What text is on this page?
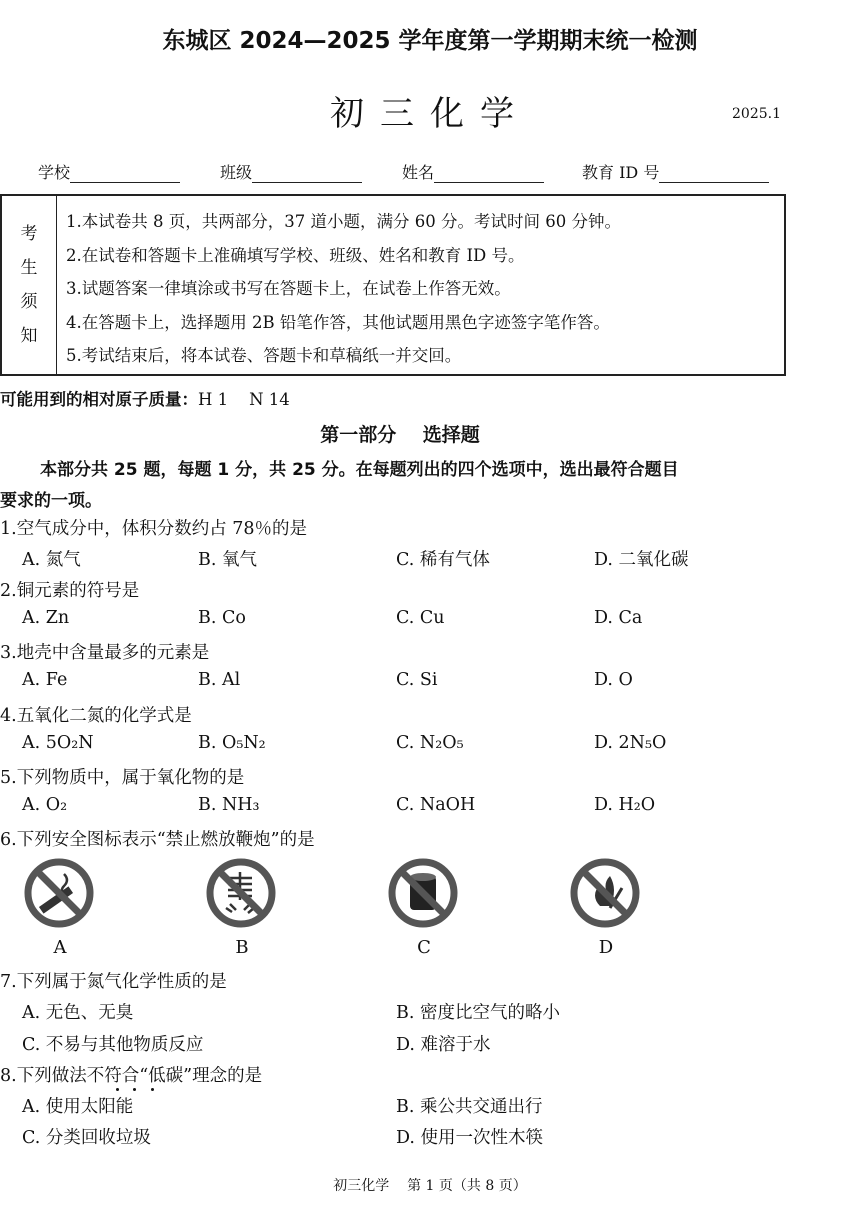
东城区 2024—2025 学年度第一学期期末统一检测
初三化学	2025.1
学校	班级	姓名	教育 ID 号
考
生
须
知
1.本试卷共 8 页，共两部分，37 道小题，满分 60 分。考试时间 60 分钟。
2.在试卷和答题卡上准确填写学校、班级、姓名和教育 ID 号。
3.试题答案一律填涂或书写在答题卡上，在试卷上作答无效。
4.在答题卡上，选择题用 2B 铅笔作答，其他试题用黑色字迹签字笔作答。
5.考试结束后，将本试卷、答题卡和草稿纸一并交回。
可能用到的相对原子质量：H 1    N 14
第一部分    选择题
本部分共 25 题，每题 1 分，共 25 分。在每题列出的四个选项中，选出最符合题目
要求的一项。
1.空气成分中，体积分数约占 78％的是
A. 氮气	B. 氧气	C. 稀有气体	D. 二氧化碳
2.铜元素的符号是
A. Zn	B. Co	C. Cu	D. Ca
3.地壳中含量最多的元素是
A. Fe	B. Al	C. Si	D. O
4.五氧化二氮的化学式是
A. 5O₂N	B. O₅N₂	C. N₂O₅	D. 2N₅O
5.下列物质中，属于氧化物的是
A. O₂	B. NH₃	C. NaOH	D. H₂O
6.下列安全图标表示“禁止燃放鞭炮”的是
A	B	C	D
7.下列属于氮气化学性质的是
A. 无色、无臭	B. 密度比空气的略小
C. 不易与其他物质反应	D. 难溶于水
8.下列做法不符合“低碳”理念的是
A. 使用太阳能	B. 乘公共交通出行
C. 分类回收垃圾	D. 使用一次性木筷
初三化学    第 1 页（共 8 页）
